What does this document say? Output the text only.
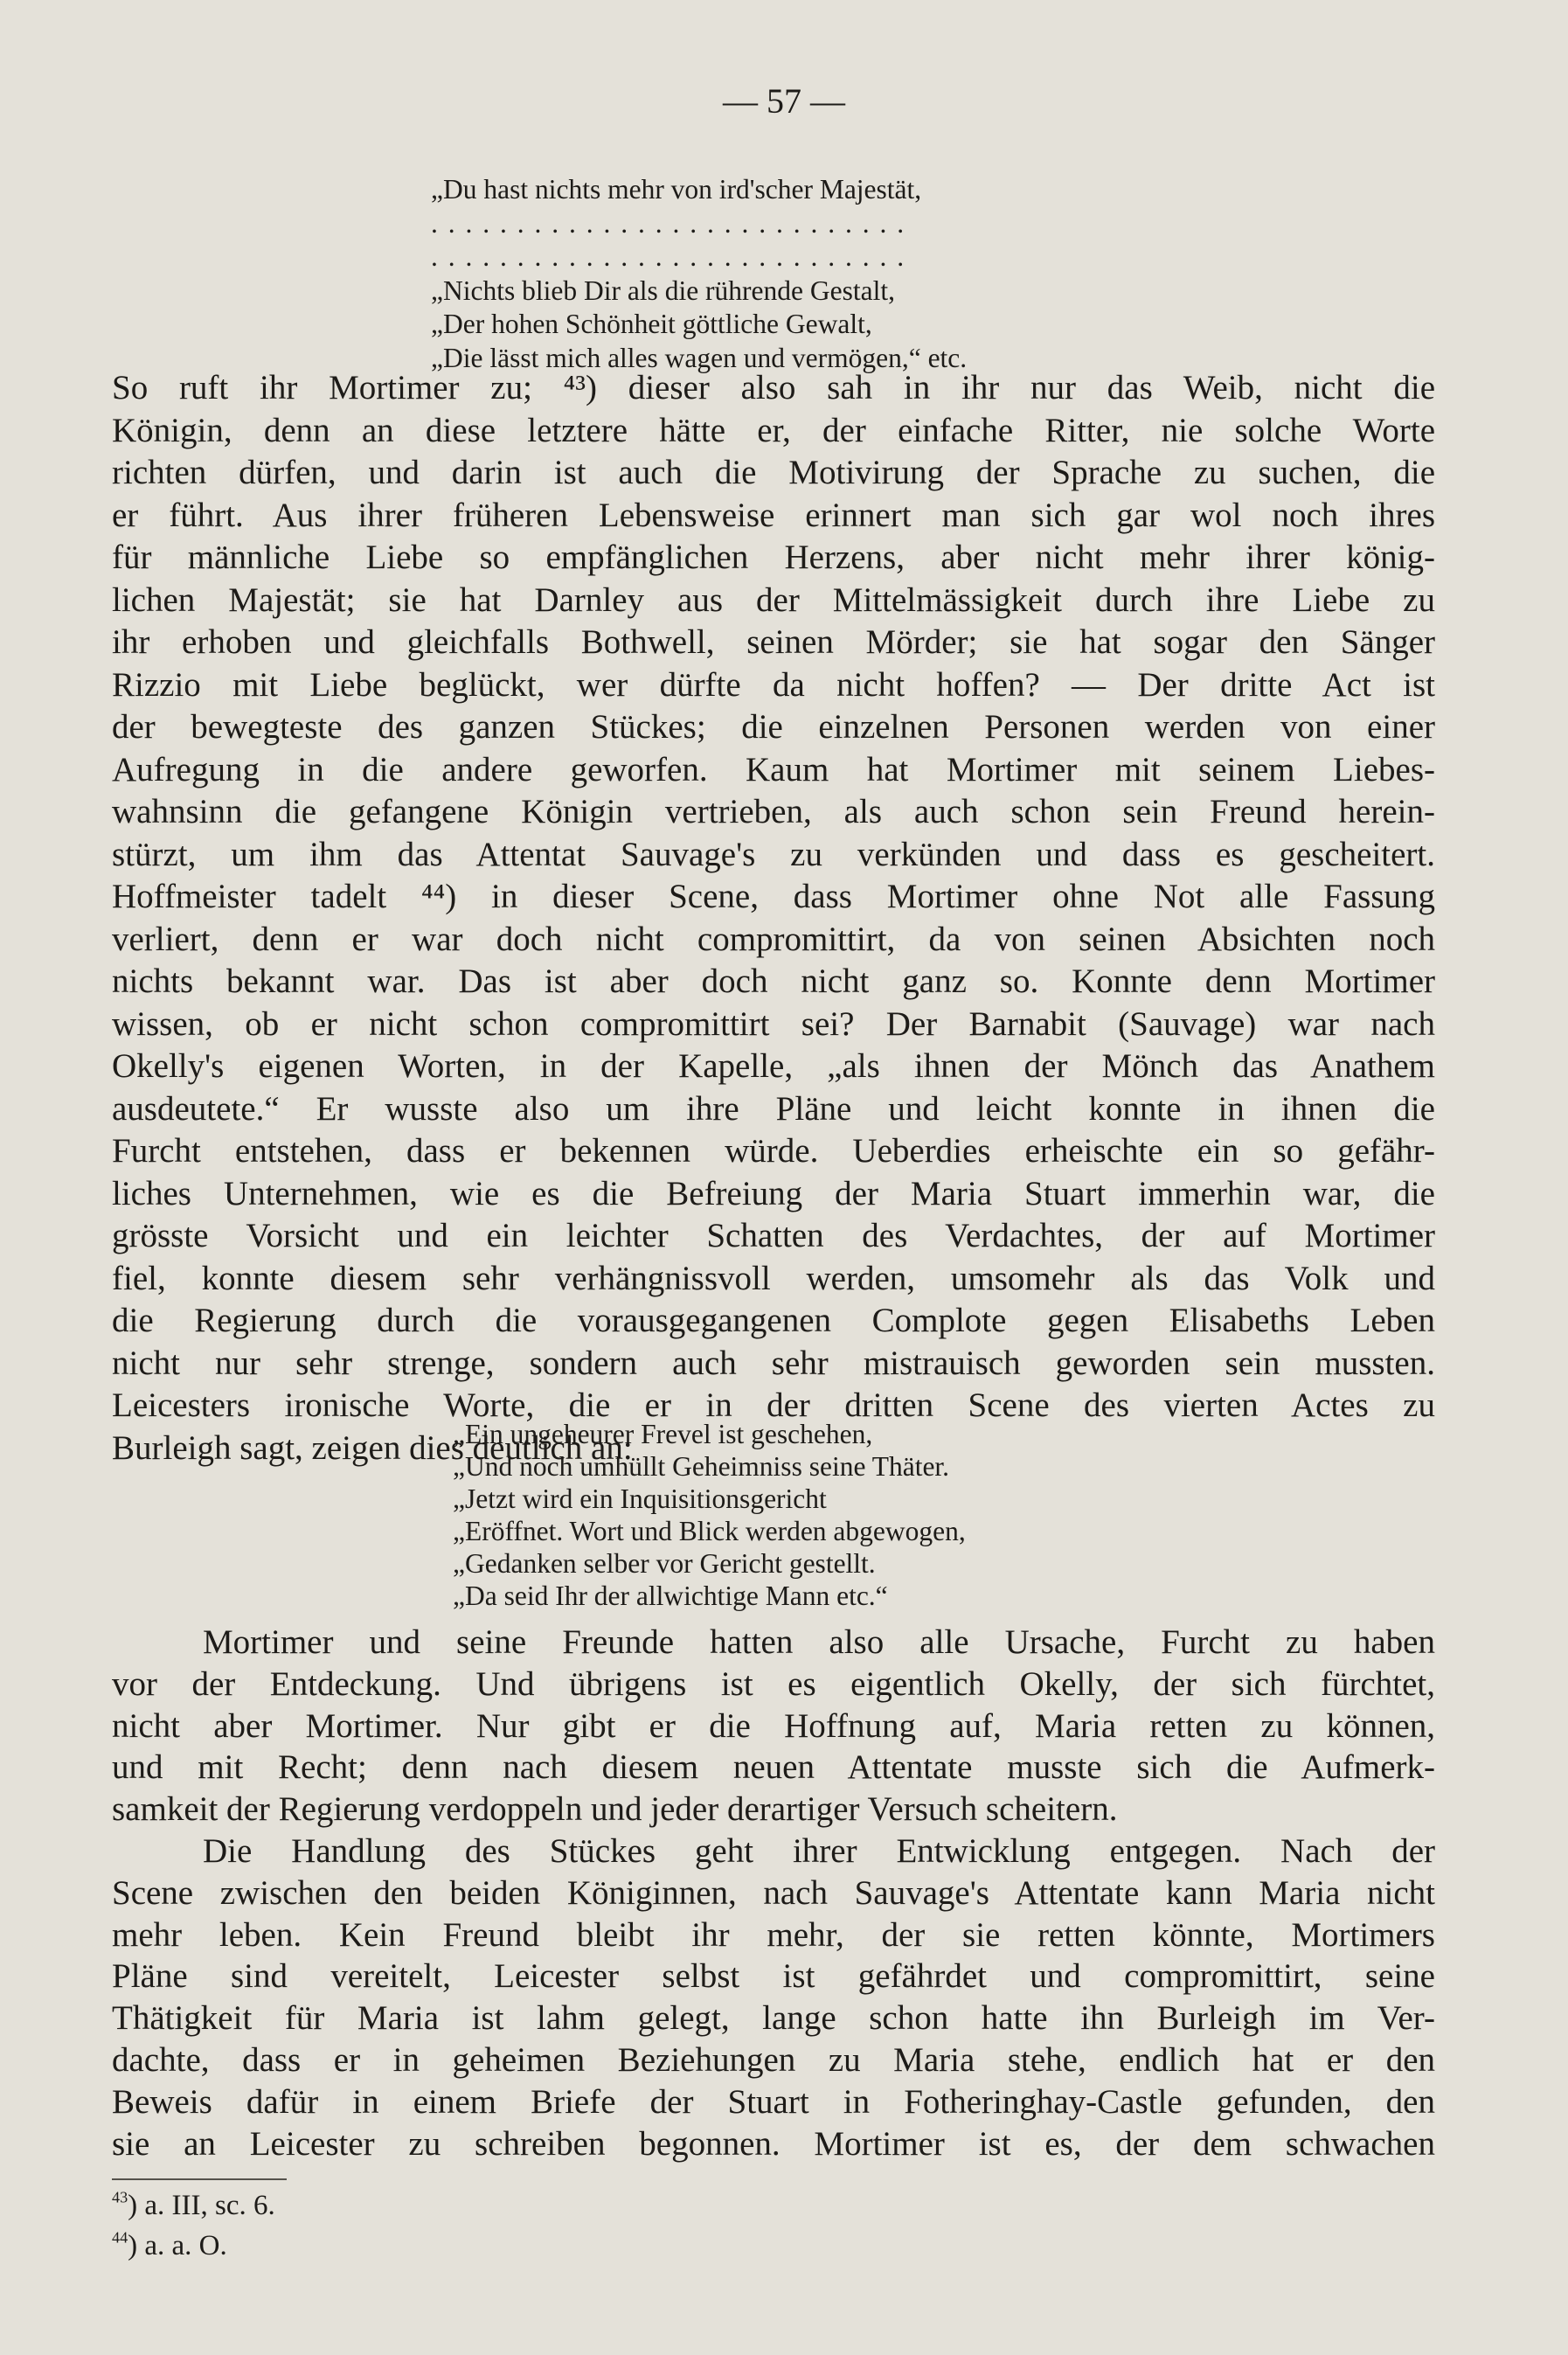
— 57 —
„Du hast nichts mehr von ird'scher Majestät,
. . . . . . . . . . . . . . . . . . . . . . . . . . . .
. . . . . . . . . . . . . . . . . . . . . . . . . . . .
„Nichts blieb Dir als die rührende Gestalt,
„Der hohen Schönheit göttliche Gewalt,
„Die lässt mich alles wagen und vermögen,“ etc.
So ruft ihr Mortimer zu; ⁴³) dieser also sah in ihr nur das Weib, nicht die
Königin, denn an diese letztere hätte er, der einfache Ritter, nie solche Worte
richten dürfen, und darin ist auch die Motivirung der Sprache zu suchen, die
er führt. Aus ihrer früheren Lebensweise erinnert man sich gar wol noch ihres
für männliche Liebe so empfänglichen Herzens, aber nicht mehr ihrer könig-
lichen Majestät; sie hat Darnley aus der Mittelmässigkeit durch ihre Liebe zu
ihr erhoben und gleichfalls Bothwell, seinen Mörder; sie hat sogar den Sänger
Rizzio mit Liebe beglückt, wer dürfte da nicht hoffen? — Der dritte Act ist
der bewegteste des ganzen Stückes; die einzelnen Personen werden von einer
Aufregung in die andere geworfen. Kaum hat Mortimer mit seinem Liebes-
wahnsinn die gefangene Königin vertrieben, als auch schon sein Freund herein-
stürzt, um ihm das Attentat Sauvage's zu verkünden und dass es gescheitert.
Hoffmeister tadelt ⁴⁴) in dieser Scene, dass Mortimer ohne Not alle Fassung
verliert, denn er war doch nicht compromittirt, da von seinen Absichten noch
nichts bekannt war. Das ist aber doch nicht ganz so. Konnte denn Mortimer
wissen, ob er nicht schon compromittirt sei? Der Barnabit (Sauvage) war nach
Okelly's eigenen Worten, in der Kapelle, „als ihnen der Mönch das Anathem
ausdeutete.“ Er wusste also um ihre Pläne und leicht konnte in ihnen die
Furcht entstehen, dass er bekennen würde. Ueberdies erheischte ein so gefähr-
liches Unternehmen, wie es die Befreiung der Maria Stuart immerhin war, die
grösste Vorsicht und ein leichter Schatten des Verdachtes, der auf Mortimer
fiel, konnte diesem sehr verhängnissvoll werden, umsomehr als das Volk und
die Regierung durch die vorausgegangenen Complote gegen Elisabeths Leben
nicht nur sehr strenge, sondern auch sehr mistrauisch geworden sein mussten.
Leicesters ironische Worte, die er in der dritten Scene des vierten Actes zu
Burleigh sagt, zeigen dies deutlich an:
„Ein ungeheurer Frevel ist geschehen,
„Und noch umhüllt Geheimniss seine Thäter.
„Jetzt wird ein Inquisitionsgericht
„Eröffnet. Wort und Blick werden abgewogen,
„Gedanken selber vor Gericht gestellt.
„Da seid Ihr der allwichtige Mann etc.“
Mortimer und seine Freunde hatten also alle Ursache, Furcht zu haben
vor der Entdeckung. Und übrigens ist es eigentlich Okelly, der sich fürchtet,
nicht aber Mortimer. Nur gibt er die Hoffnung auf, Maria retten zu können,
und mit Recht; denn nach diesem neuen Attentate musste sich die Aufmerk-
samkeit der Regierung verdoppeln und jeder derartiger Versuch scheitern.
Die Handlung des Stückes geht ihrer Entwicklung entgegen. Nach der
Scene zwischen den beiden Königinnen, nach Sauvage's Attentate kann Maria nicht
mehr leben. Kein Freund bleibt ihr mehr, der sie retten könnte, Mortimers
Pläne sind vereitelt, Leicester selbst ist gefährdet und compromittirt, seine
Thätigkeit für Maria ist lahm gelegt, lange schon hatte ihn Burleigh im Ver-
dachte, dass er in geheimen Beziehungen zu Maria stehe, endlich hat er den
Beweis dafür in einem Briefe der Stuart in Fotheringhay-Castle gefunden, den
sie an Leicester zu schreiben begonnen. Mortimer ist es, der dem schwachen
$^{43}$) a. III, sc. 6.
$^{44}$) a. a. O.
